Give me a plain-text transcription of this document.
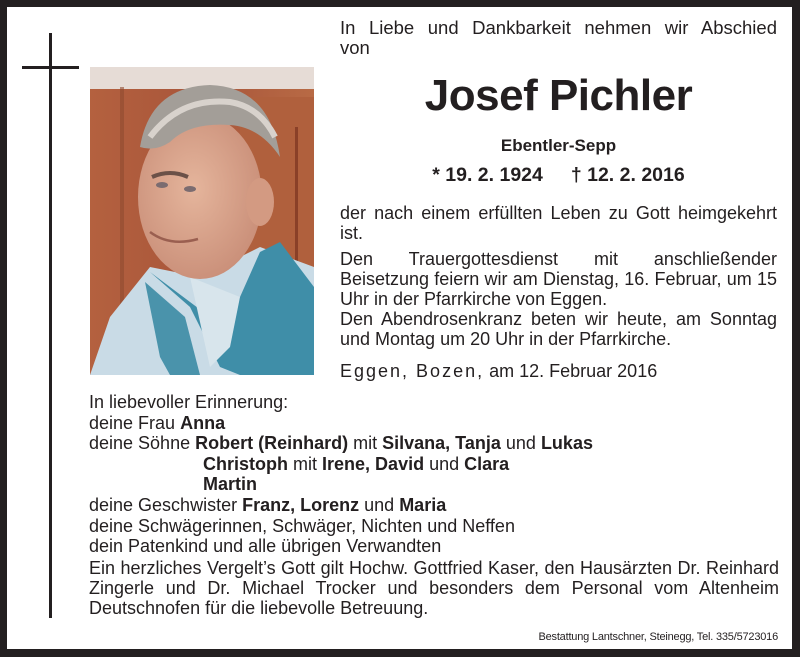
In Liebe und Dankbarkeit nehmen wir Abschied von
Josef Pichler
Ebentler-Sepp
* 19. 2. 1924 † 12. 2. 2016

der nach einem erfüllten Leben zu Gott heimgekehrt ist.

Den Trauergottesdienst mit anschließender Beisetzung feiern wir am Dienstag, 16. Februar, um 15 Uhr in der Pfarrkirche von Eggen.

Den Abendrosenkranz beten wir heute, am Sonntag und Montag um 20 Uhr in der Pfarrkirche.

Eggen, Bozen, am 12. Februar 2016
In liebevoller Erinnerung:
deine Frau Anna
deine Söhne Robert (Reinhard) mit Silvana, Tanja und Lukas
Christoph mit Irene, David und Clara
Martin
deine Geschwister Franz, Lorenz und Maria
deine Schwägerinnen, Schwäger, Nichten und Neffen
dein Patenkind und alle übrigen Verwandten
Ein herzliches Vergelt’s Gott gilt Hochw. Gottfried Kaser, den Hausärzten Dr. Reinhard Zingerle und Dr. Michael Trocker und besonders dem Personal vom Altenheim Deutschnofen für die liebevolle Betreuung.
Bestattung Lantschner, Steinegg, Tel. 335/5723016
